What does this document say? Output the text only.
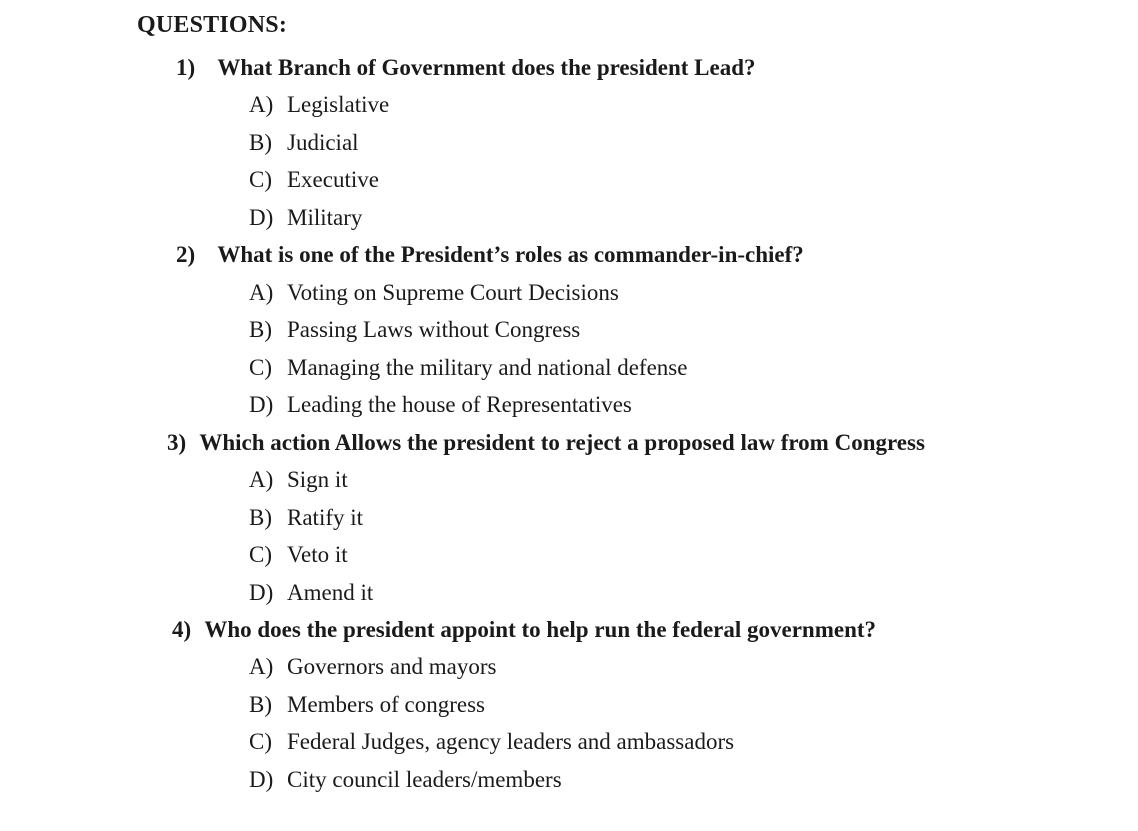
QUESTIONS:
1) What Branch of Government does the president Lead?
A) Legislative
B) Judicial
C) Executive
D) Military
2) What is one of the President’s roles as commander-in-chief?
A) Voting on Supreme Court Decisions
B) Passing Laws without Congress
C) Managing the military and national defense
D) Leading the house of Representatives
3) Which action Allows the president to reject a proposed law from Congress
A) Sign it
B) Ratify it
C) Veto it
D) Amend it
4) Who does the president appoint to help run the federal government?
A) Governors and mayors
B) Members of congress
C) Federal Judges, agency leaders and ambassadors
D) City council leaders/members
